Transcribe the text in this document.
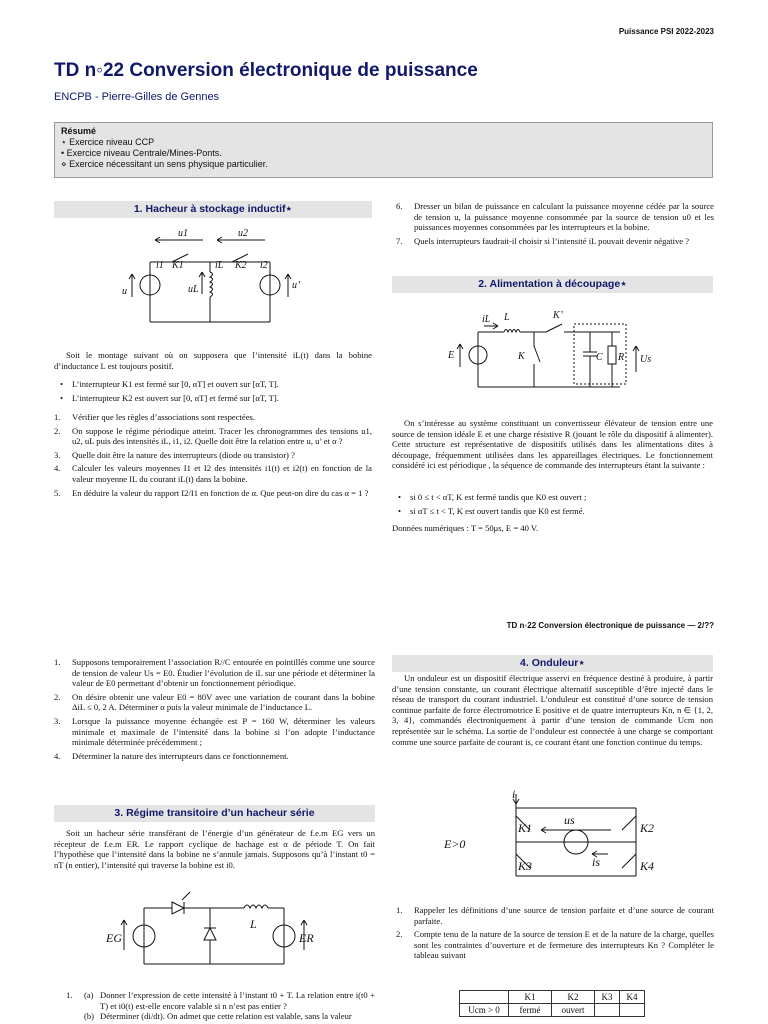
Puissance PSI 2022-2023
TD n◦22 Conversion électronique de puissance
ENCPB - Pierre-Gilles de Gennes
Résumé
⋆ Exercice niveau CCP
• Exercice niveau Centrale/Mines-Ponts.
⋄ Exercice nécessitant un sens physique particulier.
1. Hacheur à stockage inductif⋆
u1	u2
i1 K1	iL K2 i2
u	uL	u’
Soit le montage suivant où on supposera que l’intensité iL(t) dans la bobine d’inductance L est toujours positif.
• L’interrupteur K1 est fermé sur [0, αT] et ouvert sur [αT, T].
• L’interrupteur K2 est ouvert sur [0, αT] et fermé sur [αT, T].
1. Vérifier que les règles d’associations sont respectées.
2. On suppose le régime périodique atteint. Tracer les chronogrammes des tensions u1, u2, uL puis des intensités iL, i1, i2. Quelle doit être la relation entre u, u’ et α ?
3. Quelle doit être la nature des interrupteurs (diode ou transistor) ?
4. Calculer les valeurs moyennes I1 et I2 des intensités i1(t) et i2(t) en fonction de la valeur moyenne IL du courant iL(t) dans la bobine.
5. En déduire la valeur du rapport I2/I1 en fonction de α. Que peut-on dire du cas α = 1 ?
6. Dresser un bilan de puissance en calculant la puissance moyenne cédée par la source de tension u, la puissance moyenne consommée par la source de tension u0 et les puissances moyennes consommées par les interrupteurs et la bobine.
7. Quels interrupteurs faudrait-il choisir si l’intensité iL pouvait devenir négative ?
2. Alimentation à découpage⋆
iL L	K’
E	K	C R Us
On s’intéresse au système constituant un convertisseur élévateur de tension entre une source de tension idéale E et une charge résistive R (jouant le rôle du dispositif à alimenter). Cette structure est représentative de dispositifs utilisés dans les alimentations dites à découpage, fréquemment utilisées dans les appareillages électriques. Le fonctionnement considéré ici est périodique , la séquence de commande des interrupteurs étant la suivante :
• si 0 ≤ t < αT, K est fermé tandis que K0 est ouvert ;
• si αT ≤ t < T, K est ouvert tandis que K0 est fermé.
Données numériques : T = 50μs, E = 40 V.
TD n◦22 Conversion électronique de puissance — 2/??
1. Supposons temporairement l’association R//C entourée en pointillés comme une source de tension de valeur Us = E0. Étudier l’évolution de iL sur une période et déterminer la valeur de E0 permettant d’obtenir un fonctionnement périodique.
2. On désire obtenir une valeur E0 = 80V avec une variation de courant dans la bobine ΔiL ≤ 0, 2 A. Déterminer α puis la valeur minimale de l’inductance L.
3. Lorsque la puissance moyenne échangée est P = 160 W, déterminer les valeurs minimale et maximale de l’intensité dans la bobine si l’on adopte l’inductance minimale déterminée précédemment ;
4. Déterminer la nature des interrupteurs dans ce fonctionnement.
3. Régime transitoire d’un hacheur série
Soit un hacheur série transférant de l’énergie d’un générateur de f.e.m EG vers un récepteur de f.e.m ER. Le rapport cyclique de hachage est α de période T. On fait l’hypothèse que l’intensité dans la bobine ne s’annule jamais. Supposons qu’à l’instant t0 = nT (n entier), l’intensité qui traverse la bobine est i0.
EG
L
ER
1. (a) Donner l’expression de cette intensité à l’instant t0 + T. La relation entre i(t0 + T) et i0(t) est-elle encore valable si n n’est pas entier ?
(b) Déterminer (di/dt). On admet que cette relation est valable, sans la valeur
4. Onduleur⋆
Un onduleur est un dispositif électrique asservi en fréquence destiné à produire, à partir d’une tension constante, un courant électrique alternatif susceptible d’être injecté dans le réseau de transport du courant industriel. L’onduleur est constitué d’une source de tension continue parfaite de force électromotrice E positive et de quatre interrupteurs Kn, n ∈ {1, 2, 3, 4}, commandés électroniquement à partir d’une tension de commande Ucm non représentée sur le schéma. La sortie de l’onduleur est connectée à une charge se comportant comme une source parfaite de courant is, ce courant étant une fonction continue du temps.
i
us
K1	K2
E>0
is
K3	K4
1. Rappeler les définitions d’une source de tension parfaite et d’une source de courant parfaite.
2. Compte tenu de la nature de la source de tension E et de la nature de la charge, quelles sont les contraintes d’ouverture et de fermeture des interrupteurs Kn ? Compléter le tableau suivant
	K1	K2	K3	K4
Ucm > 0	fermé	ouvert		
